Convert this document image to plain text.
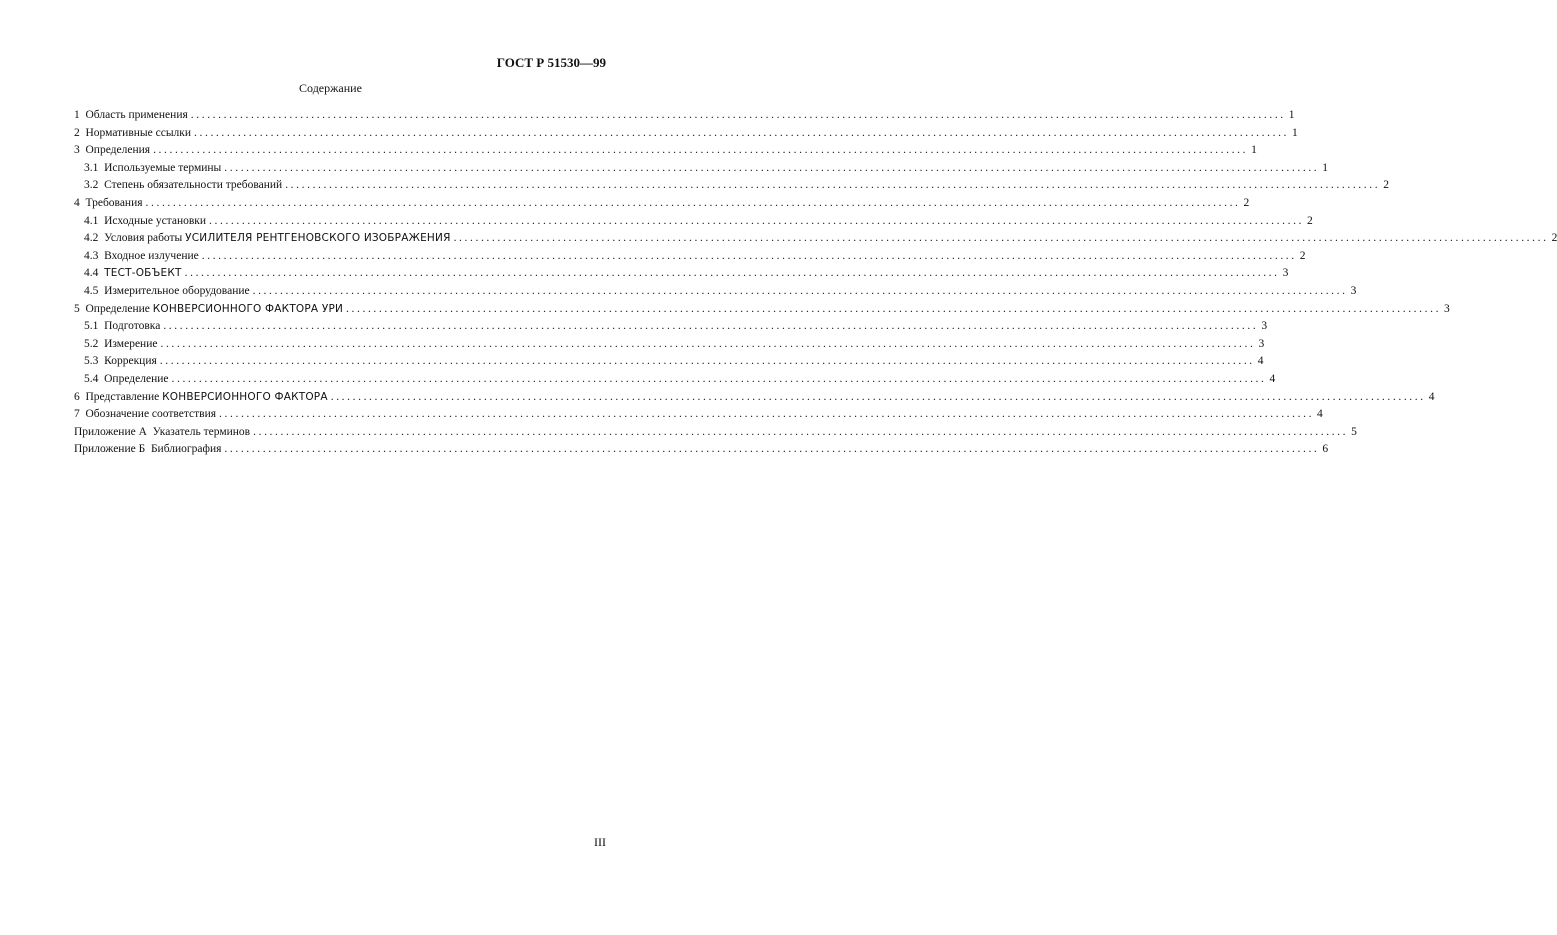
ГОСТ Р 51530—99
Содержание
1
Область применения ........................................................................................................................................................................................................ 1
2
Нормативные ссылки ........................................................................................................................................................................................................ 1
3
Определения ........................................................................................................................................................................................................ 1
3.1
Используемые термины ........................................................................................................................................................................................................ 1
3.2
Степень обязательности требований ........................................................................................................................................................................................................ 2
4
Требования ........................................................................................................................................................................................................ 2
4.1
Исходные установки ........................................................................................................................................................................................................ 2
4.2
Условия работы УСИЛИТЕЛЯ РЕНТГЕНОВСКОГО ИЗОБРАЖЕНИЯ ........................................................................................................................................................................................................ 2
4.3
Входное излучение ........................................................................................................................................................................................................ 2
4.4
ТЕСТ-ОБЪЕКТ ........................................................................................................................................................................................................ 3
4.5
Измерительное оборудование ........................................................................................................................................................................................................ 3
5
Определение КОНВЕРСИОННОГО ФАКТОРА УРИ ........................................................................................................................................................................................................ 3
5.1
Подготовка ........................................................................................................................................................................................................ 3
5.2
Измерение ........................................................................................................................................................................................................ 3
5.3
Коррекция ........................................................................................................................................................................................................ 4
5.4
Определение ........................................................................................................................................................................................................ 4
6
Представление КОНВЕРСИОННОГО ФАКТОРА ........................................................................................................................................................................................................ 4
7
Обозначение соответствия ........................................................................................................................................................................................................ 4
Приложение А
Указатель терминов ........................................................................................................................................................................................................ 5
Приложение Б
Библиография ........................................................................................................................................................................................................ 6
III
